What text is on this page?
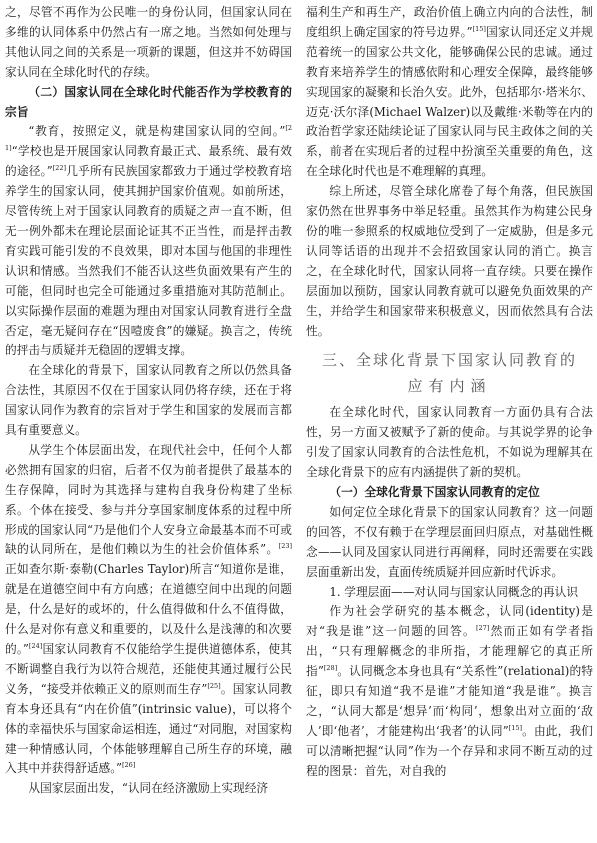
之，尽管不再作为公民唯一的身份认同，但国家认同在多维的认同体系中仍然占有一席之地。当然如何处理与其他认同之间的关系是一项新的课题，但这并不妨碍国家认同在全球化时代的存续。

（二）国家认同在全球化时代能否作为学校教育的宗旨

“教育，按照定义，就是构建国家认同的空间。”[21]“学校也是开展国家认同教育最正式、最系统、最有效的途径。”[22]几乎所有民族国家都致力于通过学校教育培养学生的国家认同，使其拥护国家价值观。如前所述，尽管传统上对于国家认同教育的质疑之声一直不断，但无一例外都未在理论层面论证其不正当性，而是抨击教育实践可能引发的不良效果，即对本国与他国的非理性认识和情感。当然我们不能否认这些负面效果有产生的可能，但同时也完全可能通过多重措施对其防范制止。以实际操作层面的难题为理由对国家认同教育进行全盘否定，毫无疑问存在“因噎废食”的嫌疑。换言之，传统的抨击与质疑并无稳固的逻辑支撑。

在全球化的背景下，国家认同教育之所以仍然具备合法性，其原因不仅在于国家认同仍将存续，还在于将国家认同作为教育的宗旨对于学生和国家的发展而言都具有重要意义。

从学生个体层面出发，在现代社会中，任何个人都必然拥有国家的归宿，后者不仅为前者提供了最基本的生存保障，同时为其选择与建构自我身份构建了坐标系。个体在接受、参与并分享国家制度体系的过程中所形成的国家认同“乃是他们个人安身立命最基本而不可或缺的认同所在，是他们赖以为生的社会价值体系”。[23]正如查尔斯·泰勒(Charles Taylor)所言“知道你是谁，就是在道德空间中有方向感；在道德空间中出现的问题是，什么是好的或坏的，什么值得做和什么不值得做，什么是对你有意义和重要的，以及什么是浅薄的和次要的。”[24]国家认同教育不仅能给学生提供道德体系，使其不断调整自我行为以符合规范，还能使其通过履行公民义务，“接受并依赖正义的原则而生存”[25]。国家认同教育本身还具有“内在价值”(intrinsic value)，可以将个体的幸福快乐与国家命运相连，通过“对同胞，对国家构建一种情感认同，个体能够理解自己所生存的环境，融入其中并获得舒适感。”[26]

从国家层面出发，“认同在经济激励上实现经济

福利生产和再生产，政治价值上确立内向的合法性，制度组织上确定国家的符号边界。”[15]国家认同还定义并规范着统一的国家公共文化，能够确保公民的忠诚。通过教育来培养学生的情感依附和心理安全保障，最终能够实现国家的凝聚和长治久安。此外，包括耶尔·塔米尔、迈克·沃尔泽(Michael Walzer)以及戴维·米勒等在内的政治哲学家还陆续论证了国家认同与民主政体之间的关系，前者在实现后者的过程中扮演至关重要的角色，这在全球化时代也是不难理解的真理。

综上所述，尽管全球化席卷了每个角落，但民族国家仍然在世界事务中举足轻重。虽然其作为构建公民身份的唯一参照系的权威地位受到了一定威胁，但是多元认同等话语的出现并不会招致国家认同的消亡。换言之，在全球化时代，国家认同将一直存续。只要在操作层面加以预防，国家认同教育就可以避免负面效果的产生，并给学生和国家带来积极意义，因而依然具有合法性。

三、全球化背景下国家认同教育的
应有内涵

在全球化时代，国家认同教育一方面仍具有合法性，另一方面又被赋予了新的使命。与其说学界的论争引发了国家认同教育的合法性危机，不如说为理解其在全球化背景下的应有内涵提供了新的契机。

（一）全球化背景下国家认同教育的定位

如何定位全球化背景下的国家认同教育？这一问题的回答，不仅有赖于在学理层面回归原点，对基础性概念——认同及国家认同进行再阐释，同时还需要在实践层面重新出发，直面传统质疑并回应新时代诉求。

1. 学理层面——对认同与国家认同概念的再认识

作为社会学研究的基本概念，认同(identity)是对“我是谁”这一问题的回答。[27]然而正如有学者指出，“只有理解概念的非所指，才能理解它的真正所指”[28]。认同概念本身也具有“关系性”(relational)的特征，即只有知道“我不是谁”才能知道“我是谁”。换言之，“认同大都是‘想异’而‘构同’，想象出对立面的‘敌人’即‘他者’，才能建构出‘我者’的认同”[15]。由此，我们可以清晰把握“认同”作为一个存异和求同不断互动的过程的图景：首先，对自我的
